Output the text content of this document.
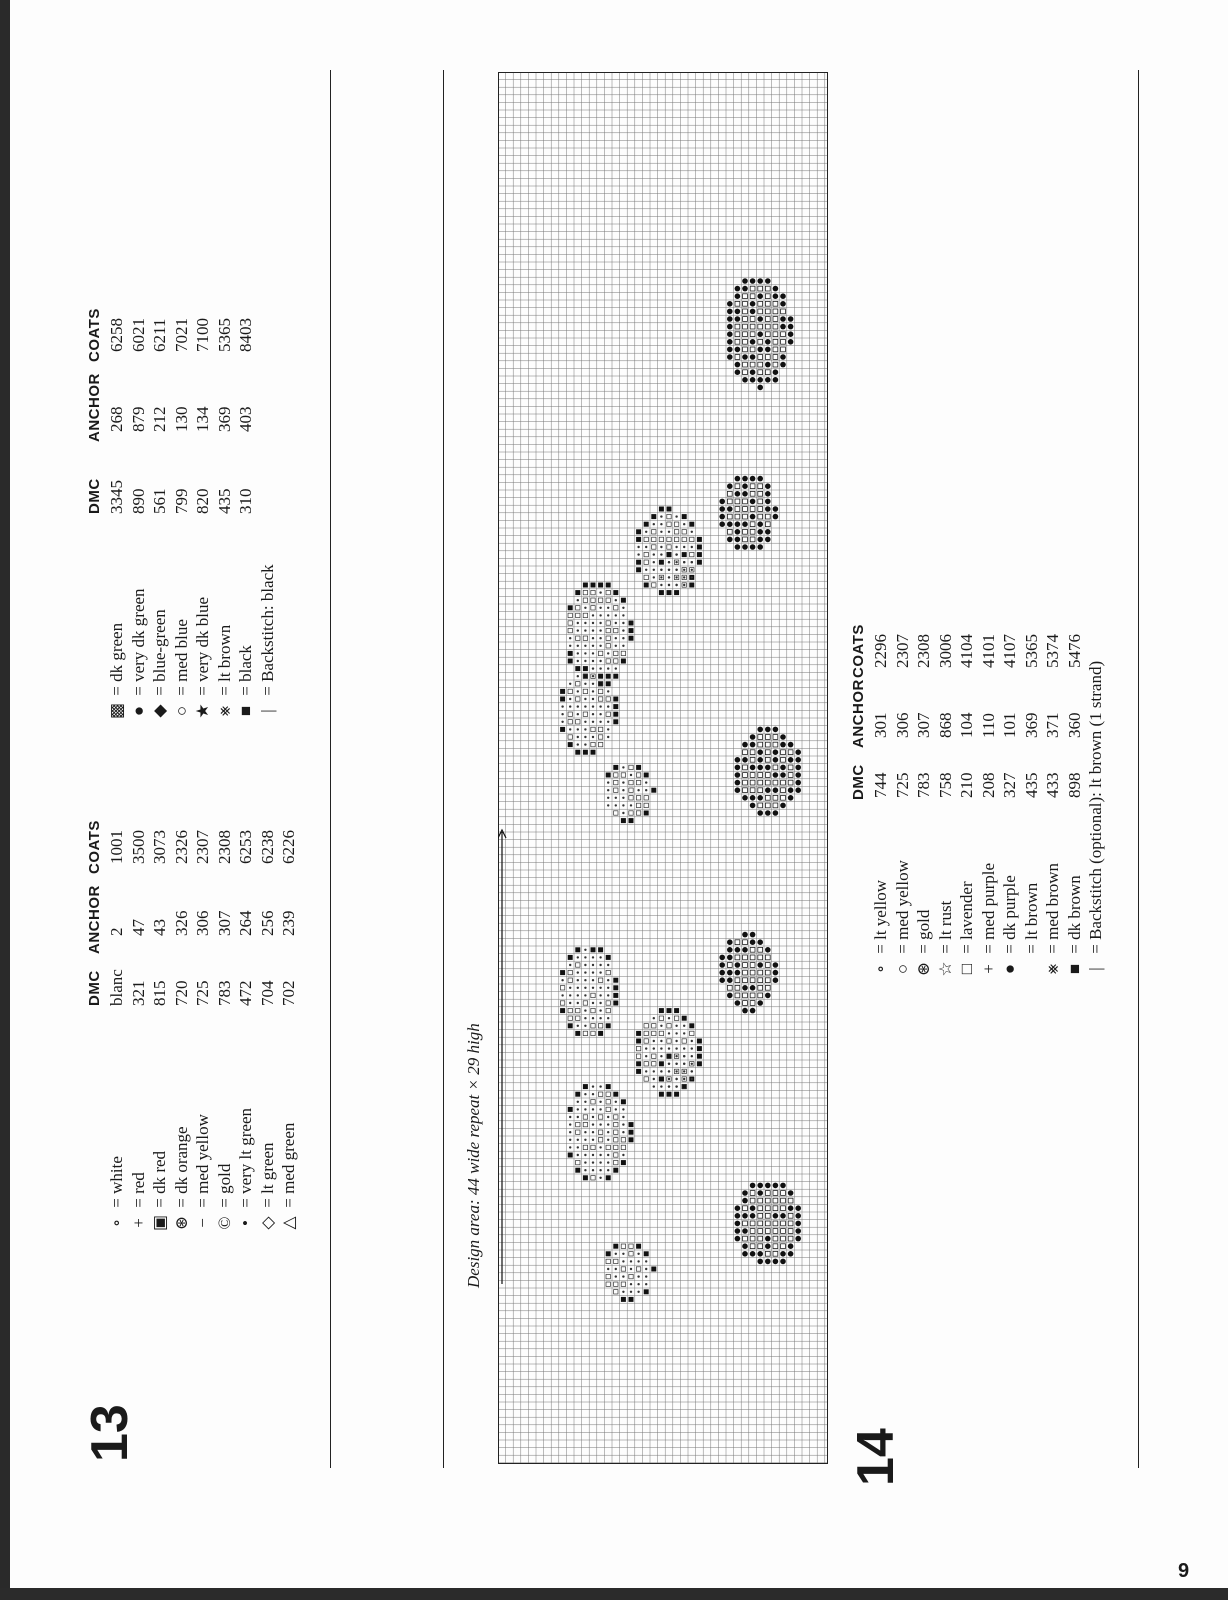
13
∘ = white
+ = red
▣ = dk red
⊛ = dk orange
− = med yellow
© = gold
• = very lt green
◇ = lt green
△ = med green
blanc 321 815 720 725 783 472 704 702
2 47 43 326 306 307 264 256 239
1001 3500 3073 2326 2307 2308 6253 6238 6226
DMC
ANCHOR
COATS
▩ = dk green
● = very dk green
◆ = blue-green
○ = med blue
★ = very dk blue
⨳ = lt brown
■ = black
| = Backstitch: black
3345 890 561 799 820 435 310
268 879 212 130 134 369 403
6258 6021 6211 7021 7100 5365 8403
DMC
ANCHOR
COATS
Design area: 44 wide repeat × 29 high
14
∘ = lt yellow
○ = med yellow
⊛ = gold
☆ = lt rust
□ = lavender
+ = med purple
● = dk purple
= lt brown
⨳ = med brown
■ = dk brown
| = Backstitch (optional): lt brown (1 strand)
744 725 783 758 210 208 327 435 433 898
301 306 307 868 104 110 101 369 371 360
2296 2307 2308 3006 4104 4101 4107 5365 5374 5476
DMC
ANCHOR
COATS
9
